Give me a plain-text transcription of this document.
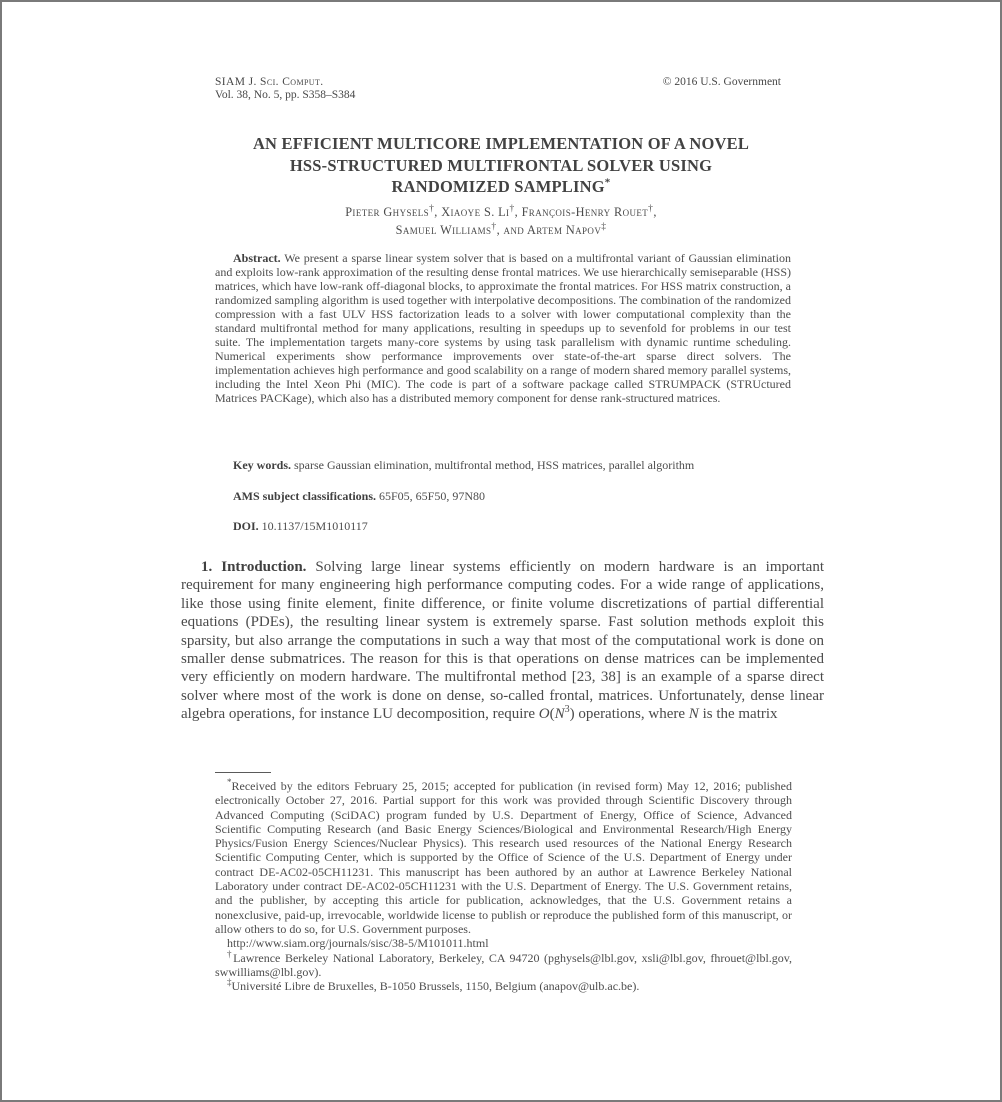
SIAM J. Sci. Comput.
Vol. 38, No. 5, pp. S358–S384
© 2016 U.S. Government
AN EFFICIENT MULTICORE IMPLEMENTATION OF A NOVEL
HSS-STRUCTURED MULTIFRONTAL SOLVER USING
RANDOMIZED SAMPLING*
Pieter Ghysels†, Xiaoye S. Li†, François-Henry Rouet†,
Samuel Williams†, and Artem Napov‡
Abstract. We present a sparse linear system solver that is based on a multifrontal variant of Gaussian elimination and exploits low-rank approximation of the resulting dense frontal matrices. We use hierarchically semiseparable (HSS) matrices, which have low-rank off-diagonal blocks, to approximate the frontal matrices. For HSS matrix construction, a randomized sampling algorithm is used together with interpolative decompositions. The combination of the randomized compression with a fast ULV HSS factorization leads to a solver with lower computational complexity than the standard multifrontal method for many applications, resulting in speedups up to sevenfold for problems in our test suite. The implementation targets many-core systems by using task parallelism with dynamic runtime scheduling. Numerical experiments show performance improvements over state-of-the-art sparse direct solvers. The implementation achieves high performance and good scalability on a range of modern shared memory parallel systems, including the Intel Xeon Phi (MIC). The code is part of a software package called STRUMPACK (STRUctured Matrices PACKage), which also has a distributed memory component for dense rank-structured matrices.
Key words. sparse Gaussian elimination, multifrontal method, HSS matrices, parallel algorithm
AMS subject classifications. 65F05, 65F50, 97N80
DOI. 10.1137/15M1010117
1. Introduction. Solving large linear systems efficiently on modern hardware is an important requirement for many engineering high performance computing codes. For a wide range of applications, like those using finite element, finite difference, or finite volume discretizations of partial differential equations (PDEs), the resulting linear system is extremely sparse. Fast solution methods exploit this sparsity, but also arrange the computations in such a way that most of the computational work is done on smaller dense submatrices. The reason for this is that operations on dense matrices can be implemented very efficiently on modern hardware. The multifrontal method [23, 38] is an example of a sparse direct solver where most of the work is done on dense, so-called frontal, matrices. Unfortunately, dense linear algebra operations, for instance LU decomposition, require $O(N^3)$ operations, where N is the matrix

*Received by the editors February 25, 2015; accepted for publication (in revised form) May 12, 2016; published electronically October 27, 2016. Partial support for this work was provided through Scientific Discovery through Advanced Computing (SciDAC) program funded by U.S. Department of Energy, Office of Science, Advanced Scientific Computing Research (and Basic Energy Sciences/Biological and Environmental Research/High Energy Physics/Fusion Energy Sciences/Nuclear Physics). This research used resources of the National Energy Research Scientific Computing Center, which is supported by the Office of Science of the U.S. Department of Energy under contract DE-AC02-05CH11231. This manuscript has been authored by an author at Lawrence Berkeley National Laboratory under contract DE-AC02-05CH11231 with the U.S. Department of Energy. The U.S. Government retains, and the publisher, by accepting this article for publication, acknowledges, that the U.S. Government retains a nonexclusive, paid-up, irrevocable, worldwide license to publish or reproduce the published form of this manuscript, or allow others to do so, for U.S. Government purposes.

http://www.siam.org/journals/sisc/38-5/M101011.html

†Lawrence Berkeley National Laboratory, Berkeley, CA 94720 (pghysels@lbl.gov, xsli@lbl.gov, fhrouet@lbl.gov, swwilliams@lbl.gov).

‡Université Libre de Bruxelles, B-1050 Brussels, 1150, Belgium (anapov@ulb.ac.be).
